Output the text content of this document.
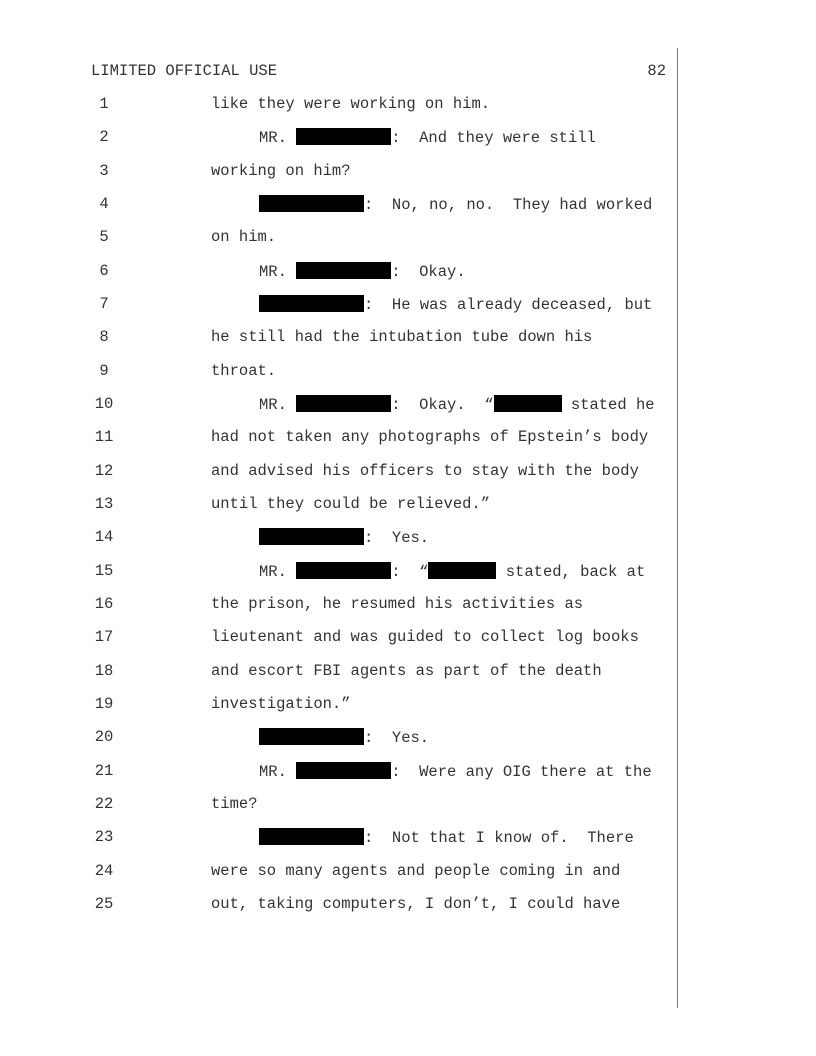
LIMITED OFFICIAL USE	82
1	like they were working on him.
2	MR.	:  And they were still
3	working on him?
4	:  No, no, no.  They had worked
5	on him.
6	MR.	:  Okay.
7	:  He was already deceased, but
8	he still had the intubation tube down his
9	throat.
10	MR.	:  Okay.  “	stated he
11	had not taken any photographs of Epstein’s body
12	and advised his officers to stay with the body
13	until they could be relieved.”
14	:  Yes.
15	MR.	:  “	stated, back at
16	the prison, he resumed his activities as
17	lieutenant and was guided to collect log books
18	and escort FBI agents as part of the death
19	investigation.”
20	:  Yes.
21	MR.	:  Were any OIG there at the
22	time?
23	:  Not that I know of.  There
24	were so many agents and people coming in and
25	out, taking computers, I don’t, I could have
